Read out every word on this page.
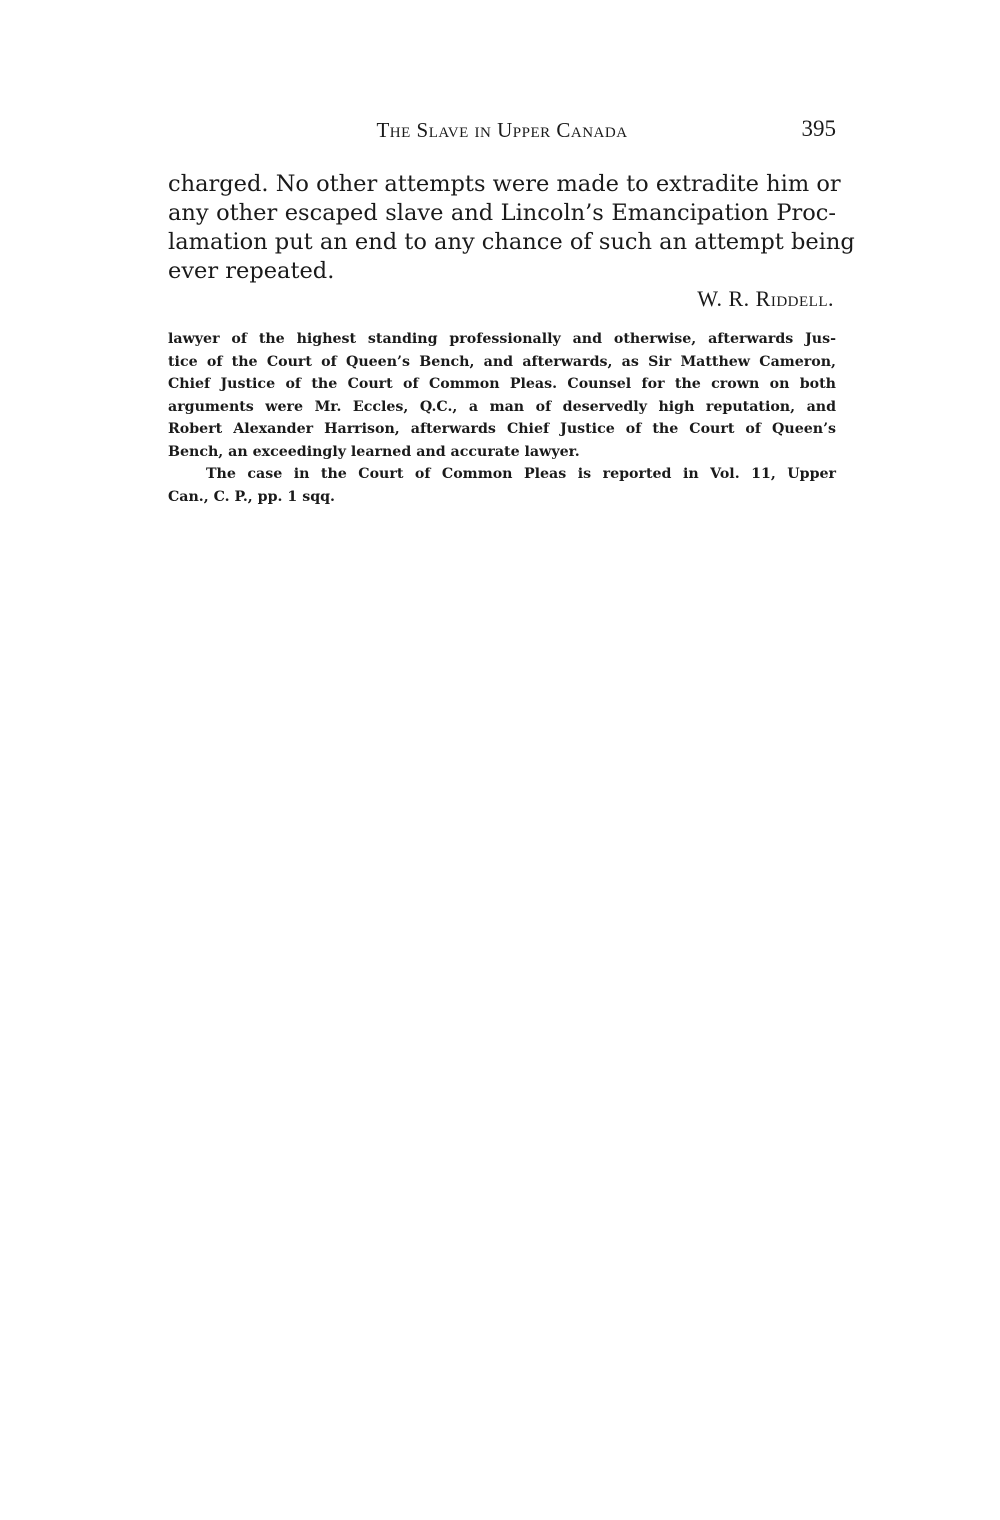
The Slave in Upper Canada	395
charged. No other attempts were made to extradite him or
any other escaped slave and Lincoln’s Emancipation Proc-
lamation put an end to any chance of such an attempt being
ever repeated.
W. R. Riddell.
lawyer of the highest standing professionally and otherwise, afterwards Jus-
tice of the Court of Queen’s Bench, and afterwards, as Sir Matthew Cameron,
Chief Justice of the Court of Common Pleas. Counsel for the crown on both
arguments were Mr. Eccles, Q.C., a man of deservedly high reputation, and
Robert Alexander Harrison, afterwards Chief Justice of the Court of Queen’s
Bench, an exceedingly learned and accurate lawyer.
The case in the Court of Common Pleas is reported in Vol. 11, Upper
Can., C. P., pp. 1 sqq.
